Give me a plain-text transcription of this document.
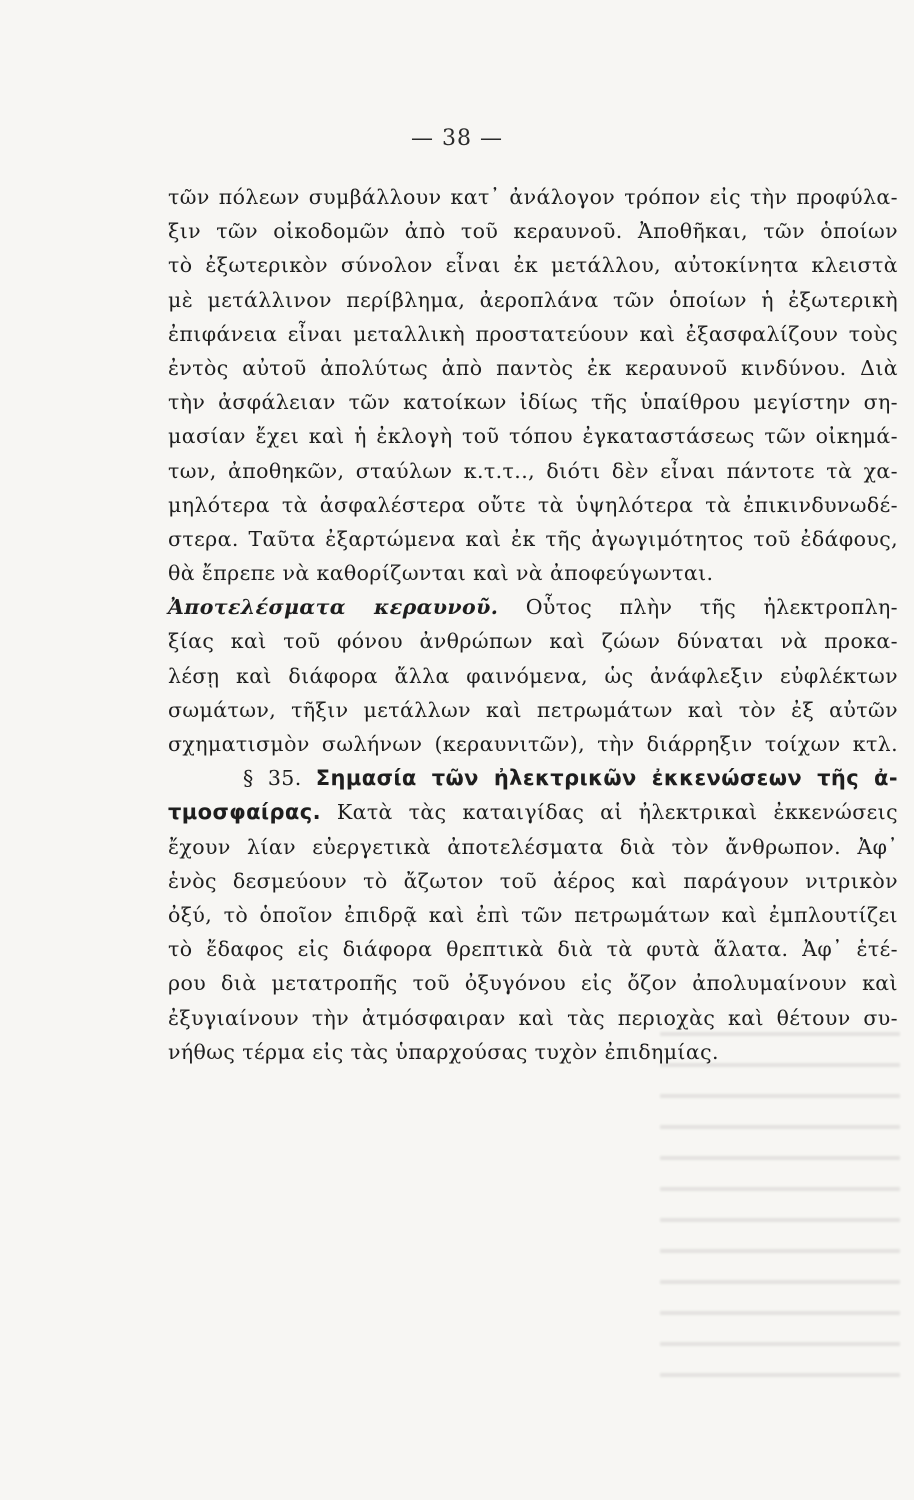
— 38 —
τῶν πόλεων συμβάλλουν κατ᾿ ἀνάλογον τρόπον εἰς τὴν προφύλα-
ξιν τῶν οἰκοδομῶν ἀπὸ τοῦ κεραυνοῦ. Ἀποθῆκαι, τῶν ὁποίων
τὸ ἐξωτερικὸν σύνολον εἶναι ἐκ μετάλλου, αὐτοκίνητα κλειστὰ
μὲ μετάλλινον περίβλημα, ἀεροπλάνα τῶν ὁποίων ἡ ἐξωτερικὴ
ἐπιφάνεια εἶναι μεταλλικὴ προστατεύουν καὶ ἐξασφαλίζουν τοὺς
ἐντὸς αὐτοῦ ἀπολύτως ἀπὸ παντὸς ἐκ κεραυνοῦ κινδύνου. Διὰ
τὴν ἀσφάλειαν τῶν κατοίκων ἰδίως τῆς ὑπαίθρου μεγίστην ση-
μασίαν ἔχει καὶ ἡ ἐκλογὴ τοῦ τόπου ἐγκαταστάσεως τῶν οἰκημά-
των, ἀποθηκῶν, σταύλων κ.τ.τ.., διότι δὲν εἶναι πάντοτε τὰ χα-
μηλότερα τὰ ἀσφαλέστερα οὔτε τὰ ὑψηλότερα τὰ ἐπικινδυνωδέ-
στερα. Ταῦτα ἐξαρτώμενα καὶ ἐκ τῆς ἀγωγιμότητος τοῦ ἐδάφους,
θὰ ἔπρεπε νὰ καθορίζωνται καὶ νὰ ἀποφεύγωνται.
Ἀποτελέσματα κεραυνοῦ. Οὗτος πλὴν τῆς ἠλεκτροπλη-
ξίας καὶ τοῦ φόνου ἀνθρώπων καὶ ζώων δύναται νὰ προκα-
λέσῃ καὶ διάφορα ἄλλα φαινόμενα, ὡς ἀνάφλεξιν εὐφλέκτων
σωμάτων, τῆξιν μετάλλων καὶ πετρωμάτων καὶ τὸν ἐξ αὐτῶν
σχηματισμὸν σωλήνων (κεραυνιτῶν), τὴν διάρρηξιν τοίχων κτλ.
§ 35. Σημασία τῶν ἠλεκτρικῶν ἐκκενώσεων τῆς ἀ-
τμοσφαίρας. Κατὰ τὰς καταιγίδας αἱ ἠλεκτρικαὶ ἐκκενώσεις
ἔχουν λίαν εὐεργετικὰ ἀποτελέσματα διὰ τὸν ἄνθρωπον. Ἀφ᾿
ἑνὸς δεσμεύουν τὸ ἄζωτον τοῦ ἀέρος καὶ παράγουν νιτρικὸν
ὀξύ, τὸ ὁποῖον ἐπιδρᾷ καὶ ἐπὶ τῶν πετρωμάτων καὶ ἐμπλουτίζει
τὸ ἔδαφος εἰς διάφορα θρεπτικὰ διὰ τὰ φυτὰ ἅλατα. Ἀφ᾿ ἑτέ-
ρου διὰ μετατροπῆς τοῦ ὀξυγόνου εἰς ὄζον ἀπολυμαίνουν καὶ
ἐξυγιαίνουν τὴν ἀτμόσφαιραν καὶ τὰς περιοχὰς καὶ θέτουν συ-
νήθως τέρμα εἰς τὰς ὑπαρχούσας τυχὸν ἐπιδημίας.
